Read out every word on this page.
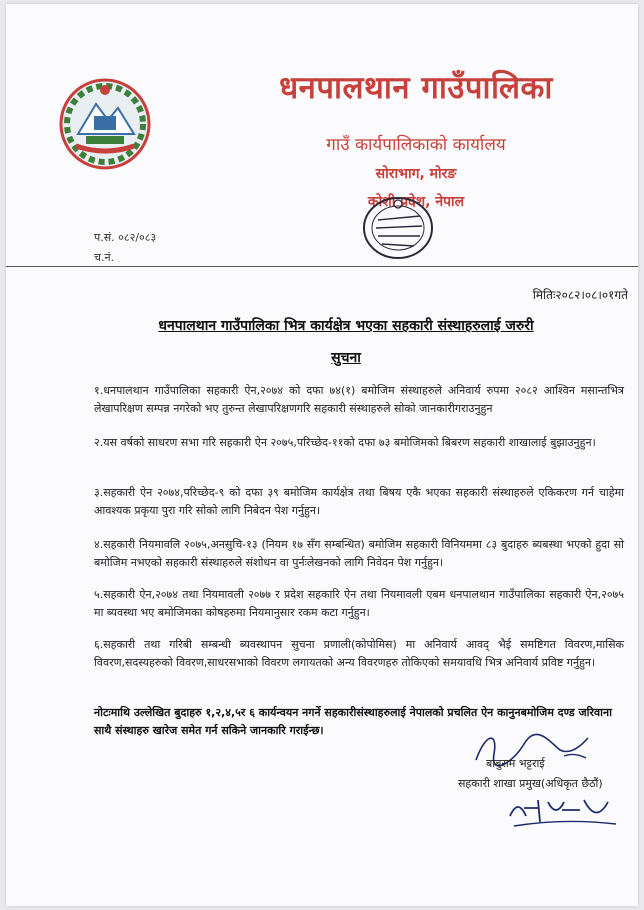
धनपालथान गाउँपालिका
गाउँ कार्यपालिकाको कार्यालय
सोराभाग, मोरङ
कोशी प्रदेश, नेपाल
प.सं. ०८२/०८३
च.नं.
मितिः२०८२।०८।०१गते
धनपालथान गाउँपालिका भित्र कार्यक्षेत्र भएका सहकारी संस्थाहरुलाई जरुरी
सुचना

१.धनपालथान गाउँपालिका सहकारी ऐन,२०७४ को दफा ७४(१) बमोजिम संस्थाहरुले अनिवार्य रुपमा २०८२ आश्विन मसान्तभित्र लेखापरिक्षण सम्पन्न नगरेको भए तुरुन्त लेखापरिक्षणगरि सहकारी संस्थाहरुले सोको जानकारीगराउनुहुन

२.यस वर्षको साधरण सभा गरि सहकारी ऐन २०७५,परिच्छेद-११को दफा ७३ बमोजिमको बिबरण सहकारी शाखालाई बुझाउनुहुन।

३.सहकारी ऐन २०७४,परिच्छेद-९ को दफा ३९ बमोजिम कार्यक्षेत्र तथा बिषय एकै भएका सहकारी संस्थाहरुले एकिकरण गर्न चाहेमा आवश्यक प्रकृया पुरा गरि सोको लागि निबेदन पेश गर्नुहुन।

४.सहकारी नियमावलि २०७५,अनसुचि-१३ (नियम १७ सँग सम्बन्धित) बमोजिम सहकारी विनियममा ८३ बुदाहरु ब्यबस्था भएको हुदा सो बमोजिम नभएको सहकारी संस्थाहरुले संशोधन वा पुर्नःलेखनको लागि निवेदन पेश गर्नुहुन।

५.सहकारी ऐन,२०७४ तथा नियमावली २०७७ र प्रदेश सहकारि ऐन तथा नियमावली एबम धनपालथान गाउँपालिका सहकारी ऐन,२०७५ मा ब्यवस्था भए बमोजिमका कोषहरुमा नियमानुसार रकम कटा गर्नुहुन।

६.सहकारी तथा गरिबी सम्बन्धी ब्यवस्थापन सुचना प्रणाली(कोपोमिस) मा अनिवार्य आवद् भैई समष्टिगत विवरण,मासिक विवरण,सदस्यहरुको विवरण,साधरसभाको विवरण लगायतको अन्य विवरणहरु तोकिएको समयावधि भित्र अनिवार्य प्रविष्ट गर्नुहुन।

नोटःमाथि उल्लेखित बुदाहरु १,२,४,५र ६ कार्यन्वयन नगर्ने सहकारीसंस्थाहरुलाई नेपालको प्रचलित ऐन कानुनबमोजिम दण्ड जरिवाना साथै संस्थाहरु खारेज समेत गर्न सकिने जानकारि गराईन्छ।

बाबुराम भट्टराई
सहकारी शाखा प्रमुख(अधिकृत छैठौं)
